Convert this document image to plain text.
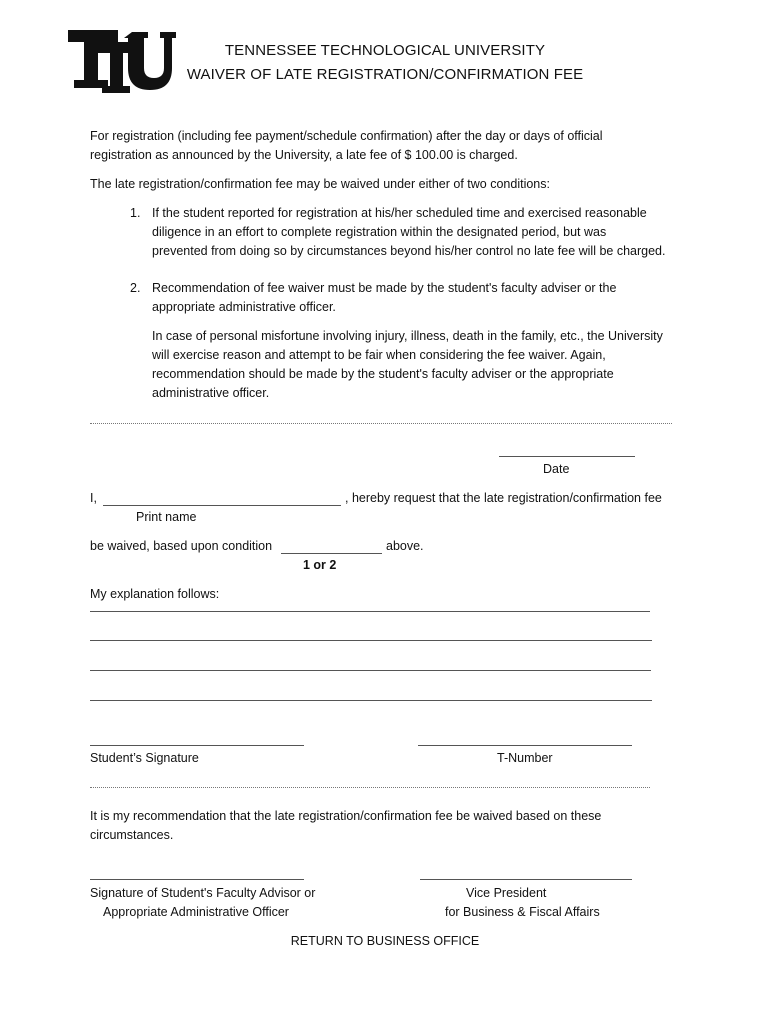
TENNESSEE TECHNOLOGICAL UNIVERSITY
WAIVER OF LATE REGISTRATION/CONFIRMATION FEE
For registration (including fee payment/schedule confirmation) after the day or days of official
registration as announced by the University, a late fee of $ 100.00 is charged.
The late registration/confirmation fee may be waived under either of two conditions:
1. If the student reported for registration at his/her scheduled time and exercised reasonable
diligence in an effort to complete registration within the designated period, but was
prevented from doing so by circumstances beyond his/her control no late fee will be charged.
2. Recommendation of fee waiver must be made by the student's faculty adviser or the
appropriate administrative officer.
In case of personal misfortune involving injury, illness, death in the family, etc., the University
will exercise reason and attempt to be fair when considering the fee waiver. Again,
recommendation should be made by the student's faculty adviser or the appropriate
administrative officer.
Date
I,	, hereby request that the late registration/confirmation fee
Print name
be waived, based upon condition	above.
1 or 2
My explanation follows:
Student’s Signature	T-Number
It is my recommendation that the late registration/confirmation fee be waived based on these
circumstances.
Signature of Student's Faculty Advisor or
Appropriate Administrative Officer
Vice President
for Business & Fiscal Affairs
RETURN TO BUSINESS OFFICE
